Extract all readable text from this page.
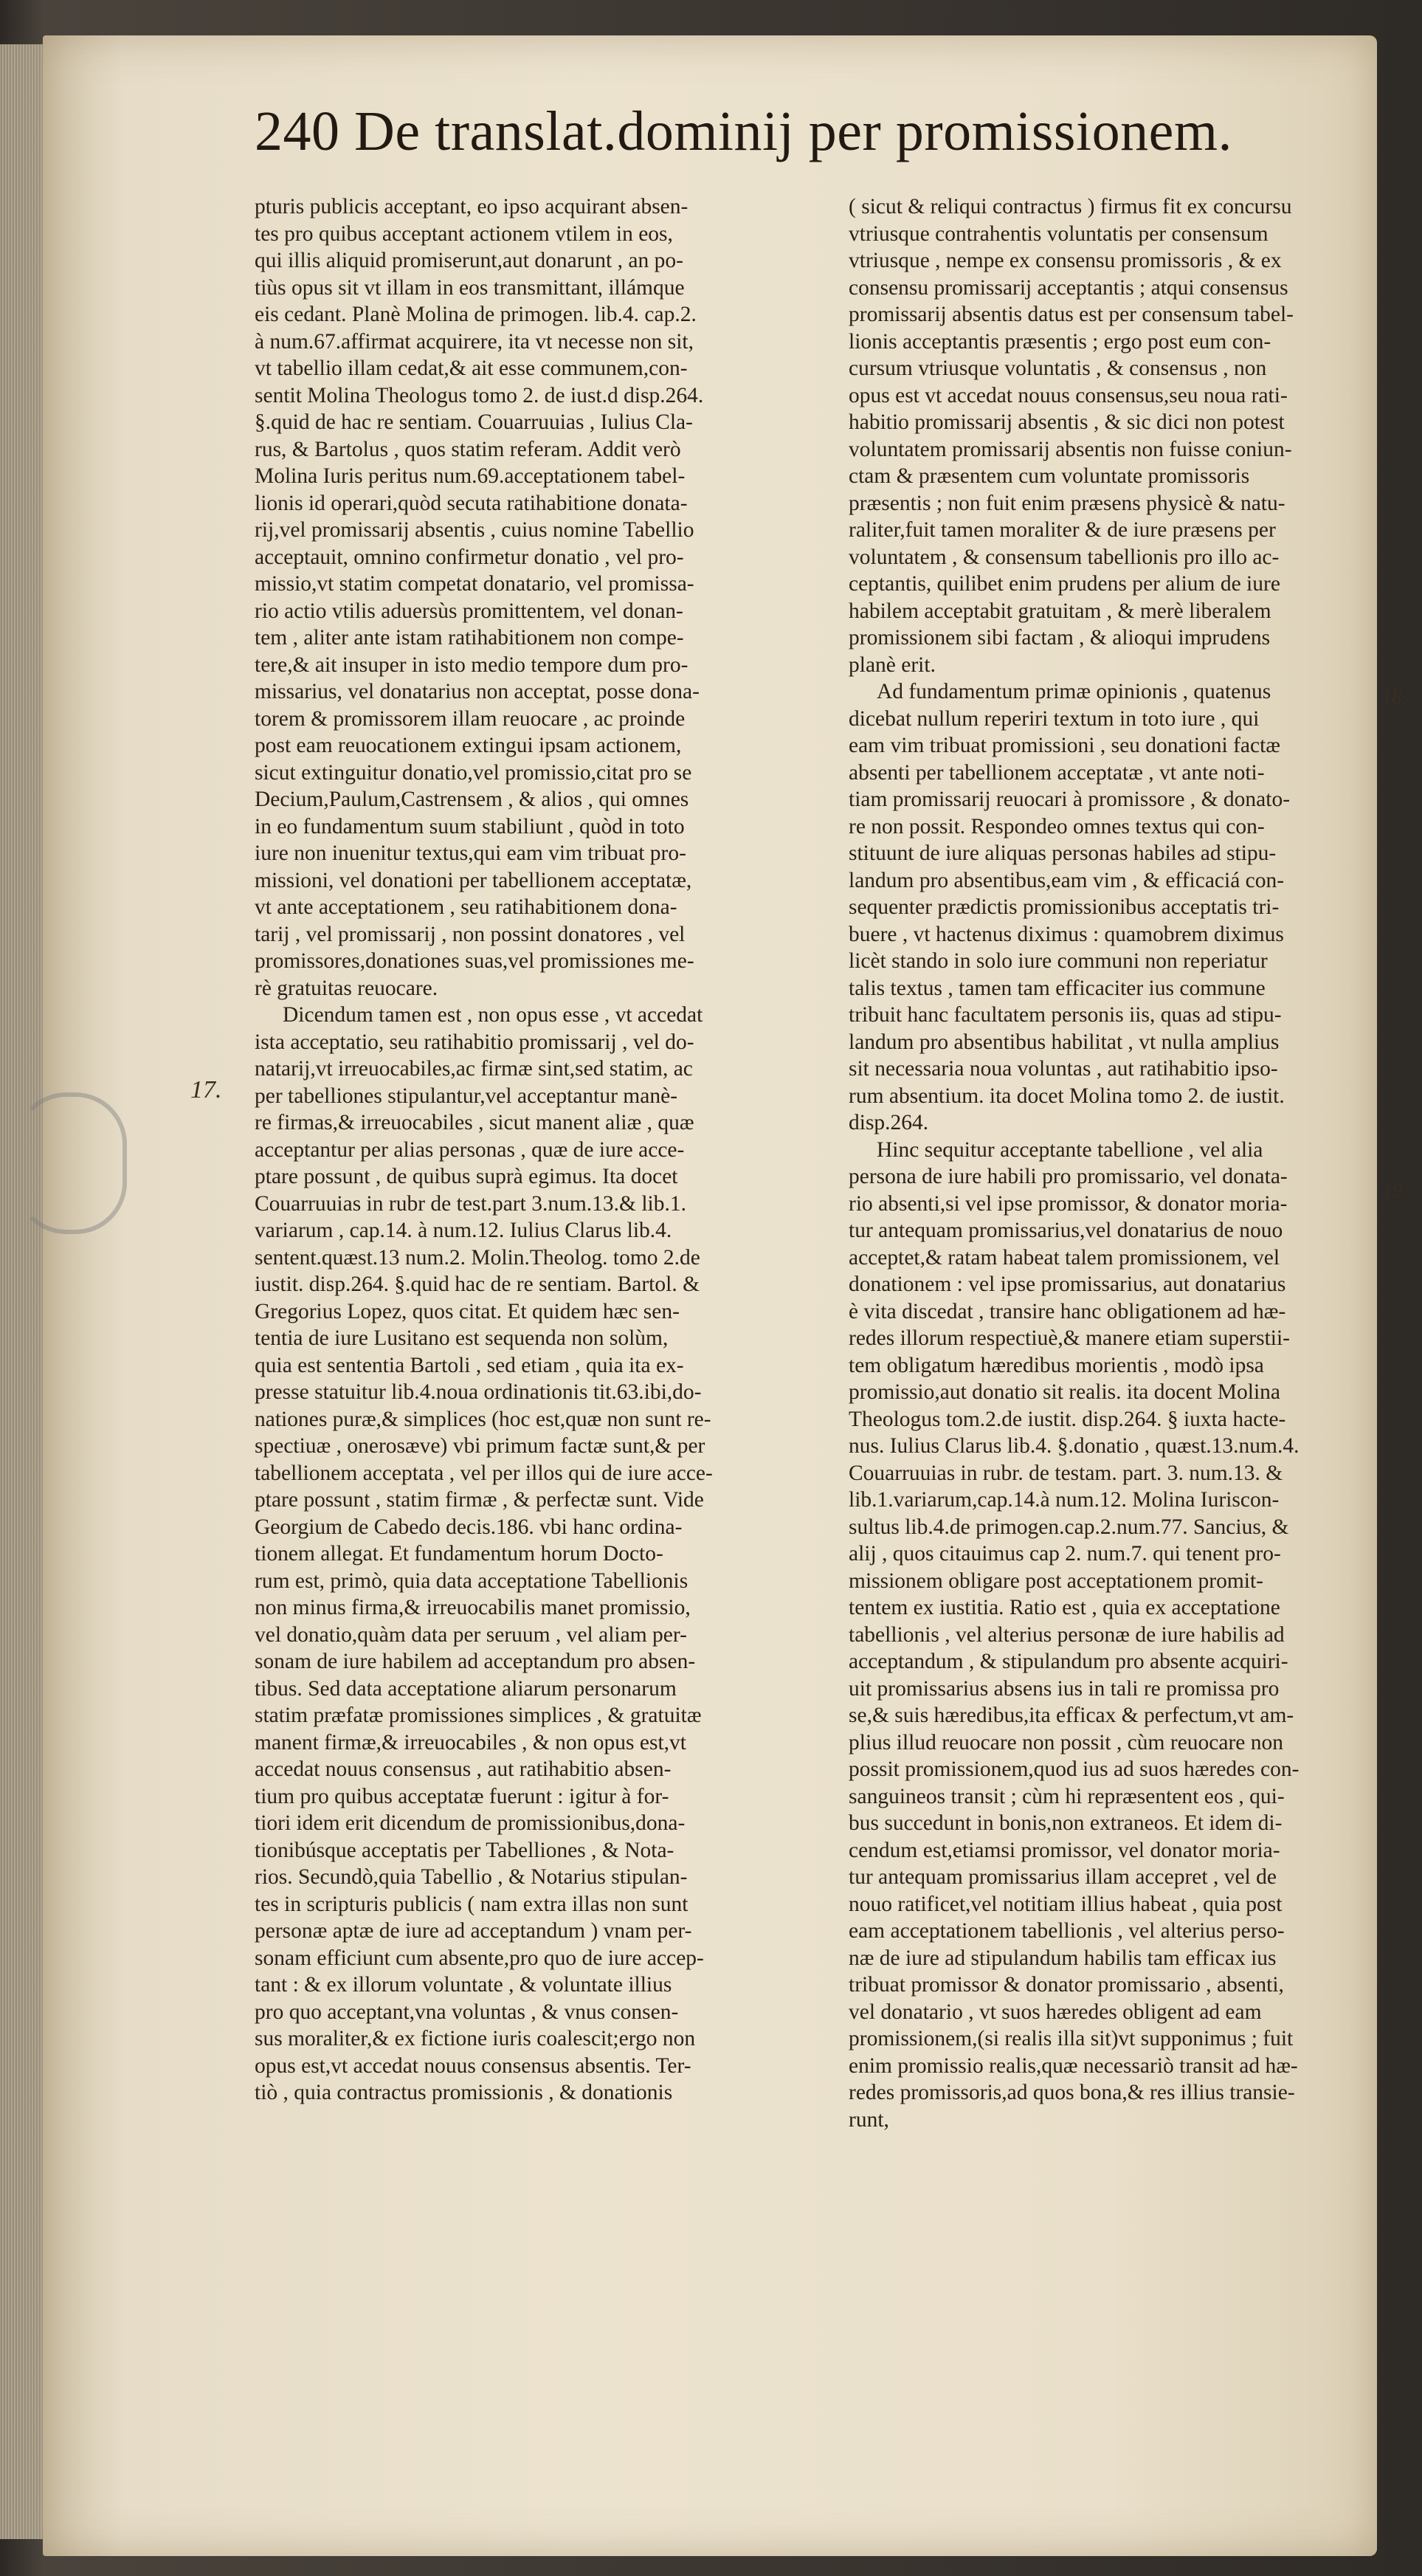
240 De translat.dominij per promissionem.
17.
18.
19.

pturis publicis acceptant, eo ipso acquirant absen-
tes pro quibus acceptant actionem vtilem in eos,
qui illis aliquid promiserunt,aut donarunt , an po-
tiùs opus sit vt illam in eos transmittant, illámque
eis cedant. Planè Molina de primogen. lib.4. cap.2.
à num.67.affirmat acquirere, ita vt necesse non sit,
vt tabellio illam cedat,& ait esse communem,con-
sentit Molina Theologus tomo 2. de iust.d disp.264.
§.quid de hac re sentiam. Couarruuias , Iulius Cla-
rus, & Bartolus , quos statim referam. Addit verò
Molina Iuris peritus num.69.acceptationem tabel-
lionis id operari,quòd secuta ratihabitione donata-
rij,vel promissarij absentis , cuius nomine Tabellio
acceptauit, omnino confirmetur donatio , vel pro-
missio,vt statim competat donatario, vel promissa-
rio actio vtilis aduersùs promittentem, vel donan-
tem , aliter ante istam ratihabitionem non compe-
tere,& ait insuper in isto medio tempore dum pro-
missarius, vel donatarius non acceptat, posse dona-
torem & promissorem illam reuocare , ac proinde
post eam reuocationem extingui ipsam actionem,
sicut extinguitur donatio,vel promissio,citat pro se
Decium,Paulum,Castrensem , & alios , qui omnes
in eo fundamentum suum stabiliunt , quòd in toto
iure non inuenitur textus,qui eam vim tribuat pro-
missioni, vel donationi per tabellionem acceptatæ,
vt ante acceptationem , seu ratihabitionem dona-
tarij , vel promissarij , non possint donatores , vel
promissores,donationes suas,vel promissiones me-
rè gratuitas reuocare.

Dicendum tamen est , non opus esse , vt accedat
ista acceptatio, seu ratihabitio promissarij , vel do-
natarij,vt irreuocabiles,ac firmæ sint,sed statim, ac
per tabelliones stipulantur,vel acceptantur manè-
re firmas,& irreuocabiles , sicut manent aliæ , quæ
acceptantur per alias personas , quæ de iure acce-
ptare possunt , de quibus suprà egimus. Ita docet
Couarruuias in rubr de test.part 3.num.13.& lib.1.
variarum , cap.14. à num.12. Iulius Clarus lib.4.
sentent.quæst.13 num.2. Molin.Theolog. tomo 2.de
iustit. disp.264. §.quid hac de re sentiam. Bartol. &
Gregorius Lopez, quos citat. Et quidem hæc sen-
tentia de iure Lusitano est sequenda non solùm,
quia est sententia Bartoli , sed etiam , quia ita ex-
presse statuitur lib.4.noua ordinationis tit.63.ibi,do-
nationes puræ,& simplices (hoc est,quæ non sunt re-
spectiuæ , onerosæve) vbi primum factæ sunt,& per
tabellionem acceptata , vel per illos qui de iure acce-
ptare possunt , statim firmæ , & perfectæ sunt. Vide
Georgium de Cabedo decis.186. vbi hanc ordina-
tionem allegat. Et fundamentum horum Docto-
rum est, primò, quia data acceptatione Tabellionis
non minus firma,& irreuocabilis manet promissio,
vel donatio,quàm data per seruum , vel aliam per-
sonam de iure habilem ad acceptandum pro absen-
tibus. Sed data acceptatione aliarum personarum
statim præfatæ promissiones simplices , & gratuitæ
manent firmæ,& irreuocabiles , & non opus est,vt
accedat nouus consensus , aut ratihabitio absen-
tium pro quibus acceptatæ fuerunt : igitur à for-
tiori idem erit dicendum de promissionibus,dona-
tionibúsque acceptatis per Tabelliones , & Nota-
rios. Secundò,quia Tabellio , & Notarius stipulan-
tes in scripturis publicis ( nam extra illas non sunt
personæ aptæ de iure ad acceptandum ) vnam per-
sonam efficiunt cum absente,pro quo de iure accep-
tant : & ex illorum voluntate , & voluntate illius
pro quo acceptant,vna voluntas , & vnus consen-
sus moraliter,& ex fictione iuris coalescit;ergo non
opus est,vt accedat nouus consensus absentis. Ter-
tiò , quia contractus promissionis , & donationis

( sicut & reliqui contractus ) firmus fit ex concursu
vtriusque contrahentis voluntatis per consensum
vtriusque , nempe ex consensu promissoris , & ex
consensu promissarij acceptantis ; atqui consensus
promissarij absentis datus est per consensum tabel-
lionis acceptantis præsentis ; ergo post eum con-
cursum vtriusque voluntatis , & consensus , non
opus est vt accedat nouus consensus,seu noua rati-
habitio promissarij absentis , & sic dici non potest
voluntatem promissarij absentis non fuisse coniun-
ctam & præsentem cum voluntate promissoris
præsentis ; non fuit enim præsens physicè & natu-
raliter,fuit tamen moraliter & de iure præsens per
voluntatem , & consensum tabellionis pro illo ac-
ceptantis, quilibet enim prudens per alium de iure
habilem acceptabit gratuitam , & merè liberalem
promissionem sibi factam , & alioqui imprudens
planè erit.

Ad fundamentum primæ opinionis , quatenus
dicebat nullum reperiri textum in toto iure , qui
eam vim tribuat promissioni , seu donationi factæ
absenti per tabellionem acceptatæ , vt ante noti-
tiam promissarij reuocari à promissore , & donato-
re non possit. Respondeo omnes textus qui con-
stituunt de iure aliquas personas habiles ad stipu-
landum pro absentibus,eam vim , & efficaciá con-
sequenter prædictis promissionibus acceptatis tri-
buere , vt hactenus diximus : quamobrem diximus
licèt stando in solo iure communi non reperiatur
talis textus , tamen tam efficaciter ius commune
tribuit hanc facultatem personis iis, quas ad stipu-
landum pro absentibus habilitat , vt nulla amplius
sit necessaria noua voluntas , aut ratihabitio ipso-
rum absentium. ita docet Molina tomo 2. de iustit.
disp.264.

Hinc sequitur acceptante tabellione , vel alia
persona de iure habili pro promissario, vel donata-
rio absenti,si vel ipse promissor, & donator moria-
tur antequam promissarius,vel donatarius de nouo
acceptet,& ratam habeat talem promissionem, vel
donationem : vel ipse promissarius, aut donatarius
è vita discedat , transire hanc obligationem ad hæ-
redes illorum respectiuè,& manere etiam superstii-
tem obligatum hæredibus morientis , modò ipsa
promissio,aut donatio sit realis. ita docent Molina
Theologus tom.2.de iustit. disp.264. § iuxta hacte-
nus. Iulius Clarus lib.4. §.donatio , quæst.13.num.4.
Couarruuias in rubr. de testam. part. 3. num.13. &
lib.1.variarum,cap.14.à num.12. Molina Iuriscon-
sultus lib.4.de primogen.cap.2.num.77. Sancius, &
alij , quos citauimus cap 2. num.7. qui tenent pro-
missionem obligare post acceptationem promit-
tentem ex iustitia. Ratio est , quia ex acceptatione
tabellionis , vel alterius personæ de iure habilis ad
acceptandum , & stipulandum pro absente acquiri-
uit promissarius absens ius in tali re promissa pro
se,& suis hæredibus,ita efficax & perfectum,vt am-
plius illud reuocare non possit , cùm reuocare non
possit promissionem,quod ius ad suos hæredes con-
sanguineos transit ; cùm hi repræsentent eos , qui-
bus succedunt in bonis,non extraneos. Et idem di-
cendum est,etiamsi promissor, vel donator moria-
tur antequam promissarius illam accepret , vel de
nouo ratificet,vel notitiam illius habeat , quia post
eam acceptationem tabellionis , vel alterius perso-
næ de iure ad stipulandum habilis tam efficax ius
tribuat promissor & donator promissario , absenti,
vel donatario , vt suos hæredes obligent ad eam
promissionem,(si realis illa sit)vt supponimus ; fuit
enim promissio realis,quæ necessariò transit ad hæ-
redes promissoris,ad quos bona,& res illius transie-
runt,
